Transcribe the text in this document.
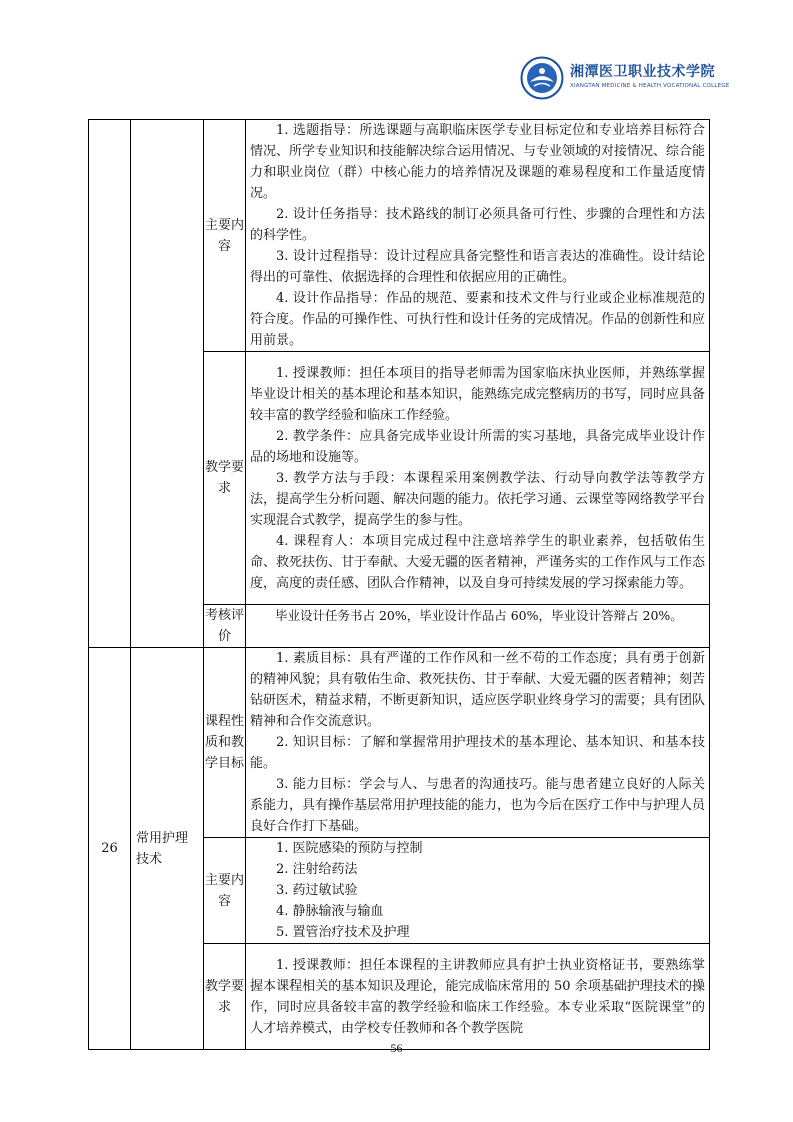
湘潭医卫职业技术学院
XIANGTAN MEDICINE & HEALTH VOCATIONAL COLLEGE

		主要内容	1. 选题指导：所选课题与高职临床医学专业目标定位和专业培养目标符合情况、所学专业知识和技能解决综合运用情况、与专业领域的对接情况、综合能力和职业岗位（群）中核心能力的培养情况及课题的难易程度和工作量适度情况。

2. 设计任务指导：技术路线的制订必须具备可行性、步骤的合理性和方法的科学性。

3. 设计过程指导：设计过程应具备完整性和语言表达的准确性。设计结论得出的可靠性、依据选择的合理性和依据应用的正确性。

4. 设计作品指导：作品的规范、要素和技术文件与行业或企业标准规范的符合度。作品的可操作性、可执行性和设计任务的完成情况。作品的创新性和应用前景。

		教学要求	1. 授课教师：担任本项目的指导老师需为国家临床执业医师，并熟练掌握毕业设计相关的基本理论和基本知识，能熟练完成完整病历的书写，同时应具备较丰富的教学经验和临床工作经验。

2. 教学条件：应具备完成毕业设计所需的实习基地，具备完成毕业设计作品的场地和设施等。

3. 教学方法与手段：本课程采用案例教学法、行动导向教学法等教学方法，提高学生分析问题、解决问题的能力。依托学习通、云课堂等网络教学平台实现混合式教学，提高学生的参与性。

4. 课程育人：本项目完成过程中注意培养学生的职业素养，包括敬佑生命、救死扶伤、甘于奉献、大爱无疆的医者精神，严谨务实的工作作风与工作态度，高度的责任感、团队合作精神，以及自身可持续发展的学习探索能力等。

		考核评价	毕业设计任务书占 20%，毕业设计作品占 60%，毕业设计答辩占 20%。

26	常用护理技术	课程性质和教学目标	1. 素质目标：具有严谨的工作作风和一丝不苟的工作态度；具有勇于创新的精神风貌；具有敬佑生命、救死扶伤、甘于奉献、大爱无疆的医者精神；刻苦钻研医术，精益求精，不断更新知识，适应医学职业终身学习的需要；具有团队精神和合作交流意识。

2. 知识目标：了解和掌握常用护理技术的基本理论、基本知识、和基本技能。

3. 能力目标：学会与人、与患者的沟通技巧。能与患者建立良好的人际关系能力，具有操作基层常用护理技能的能力，也为今后在医疗工作中与护理人员良好合作打下基础。

		主要内容	1. 医院感染的预防与控制

2. 注射给药法

3. 药过敏试验

4. 静脉输液与输血

5. 置管治疗技术及护理

		教学要求	1. 授课教师：担任本课程的主讲教师应具有护士执业资格证书，要熟练掌握本课程相关的基本知识及理论，能完成临床常用的 50 余项基础护理技术的操作，同时应具备较丰富的教学经验和临床工作经验。本专业采取“医院课堂”的人才培养模式，由学校专任教师和各个教学医院

56
